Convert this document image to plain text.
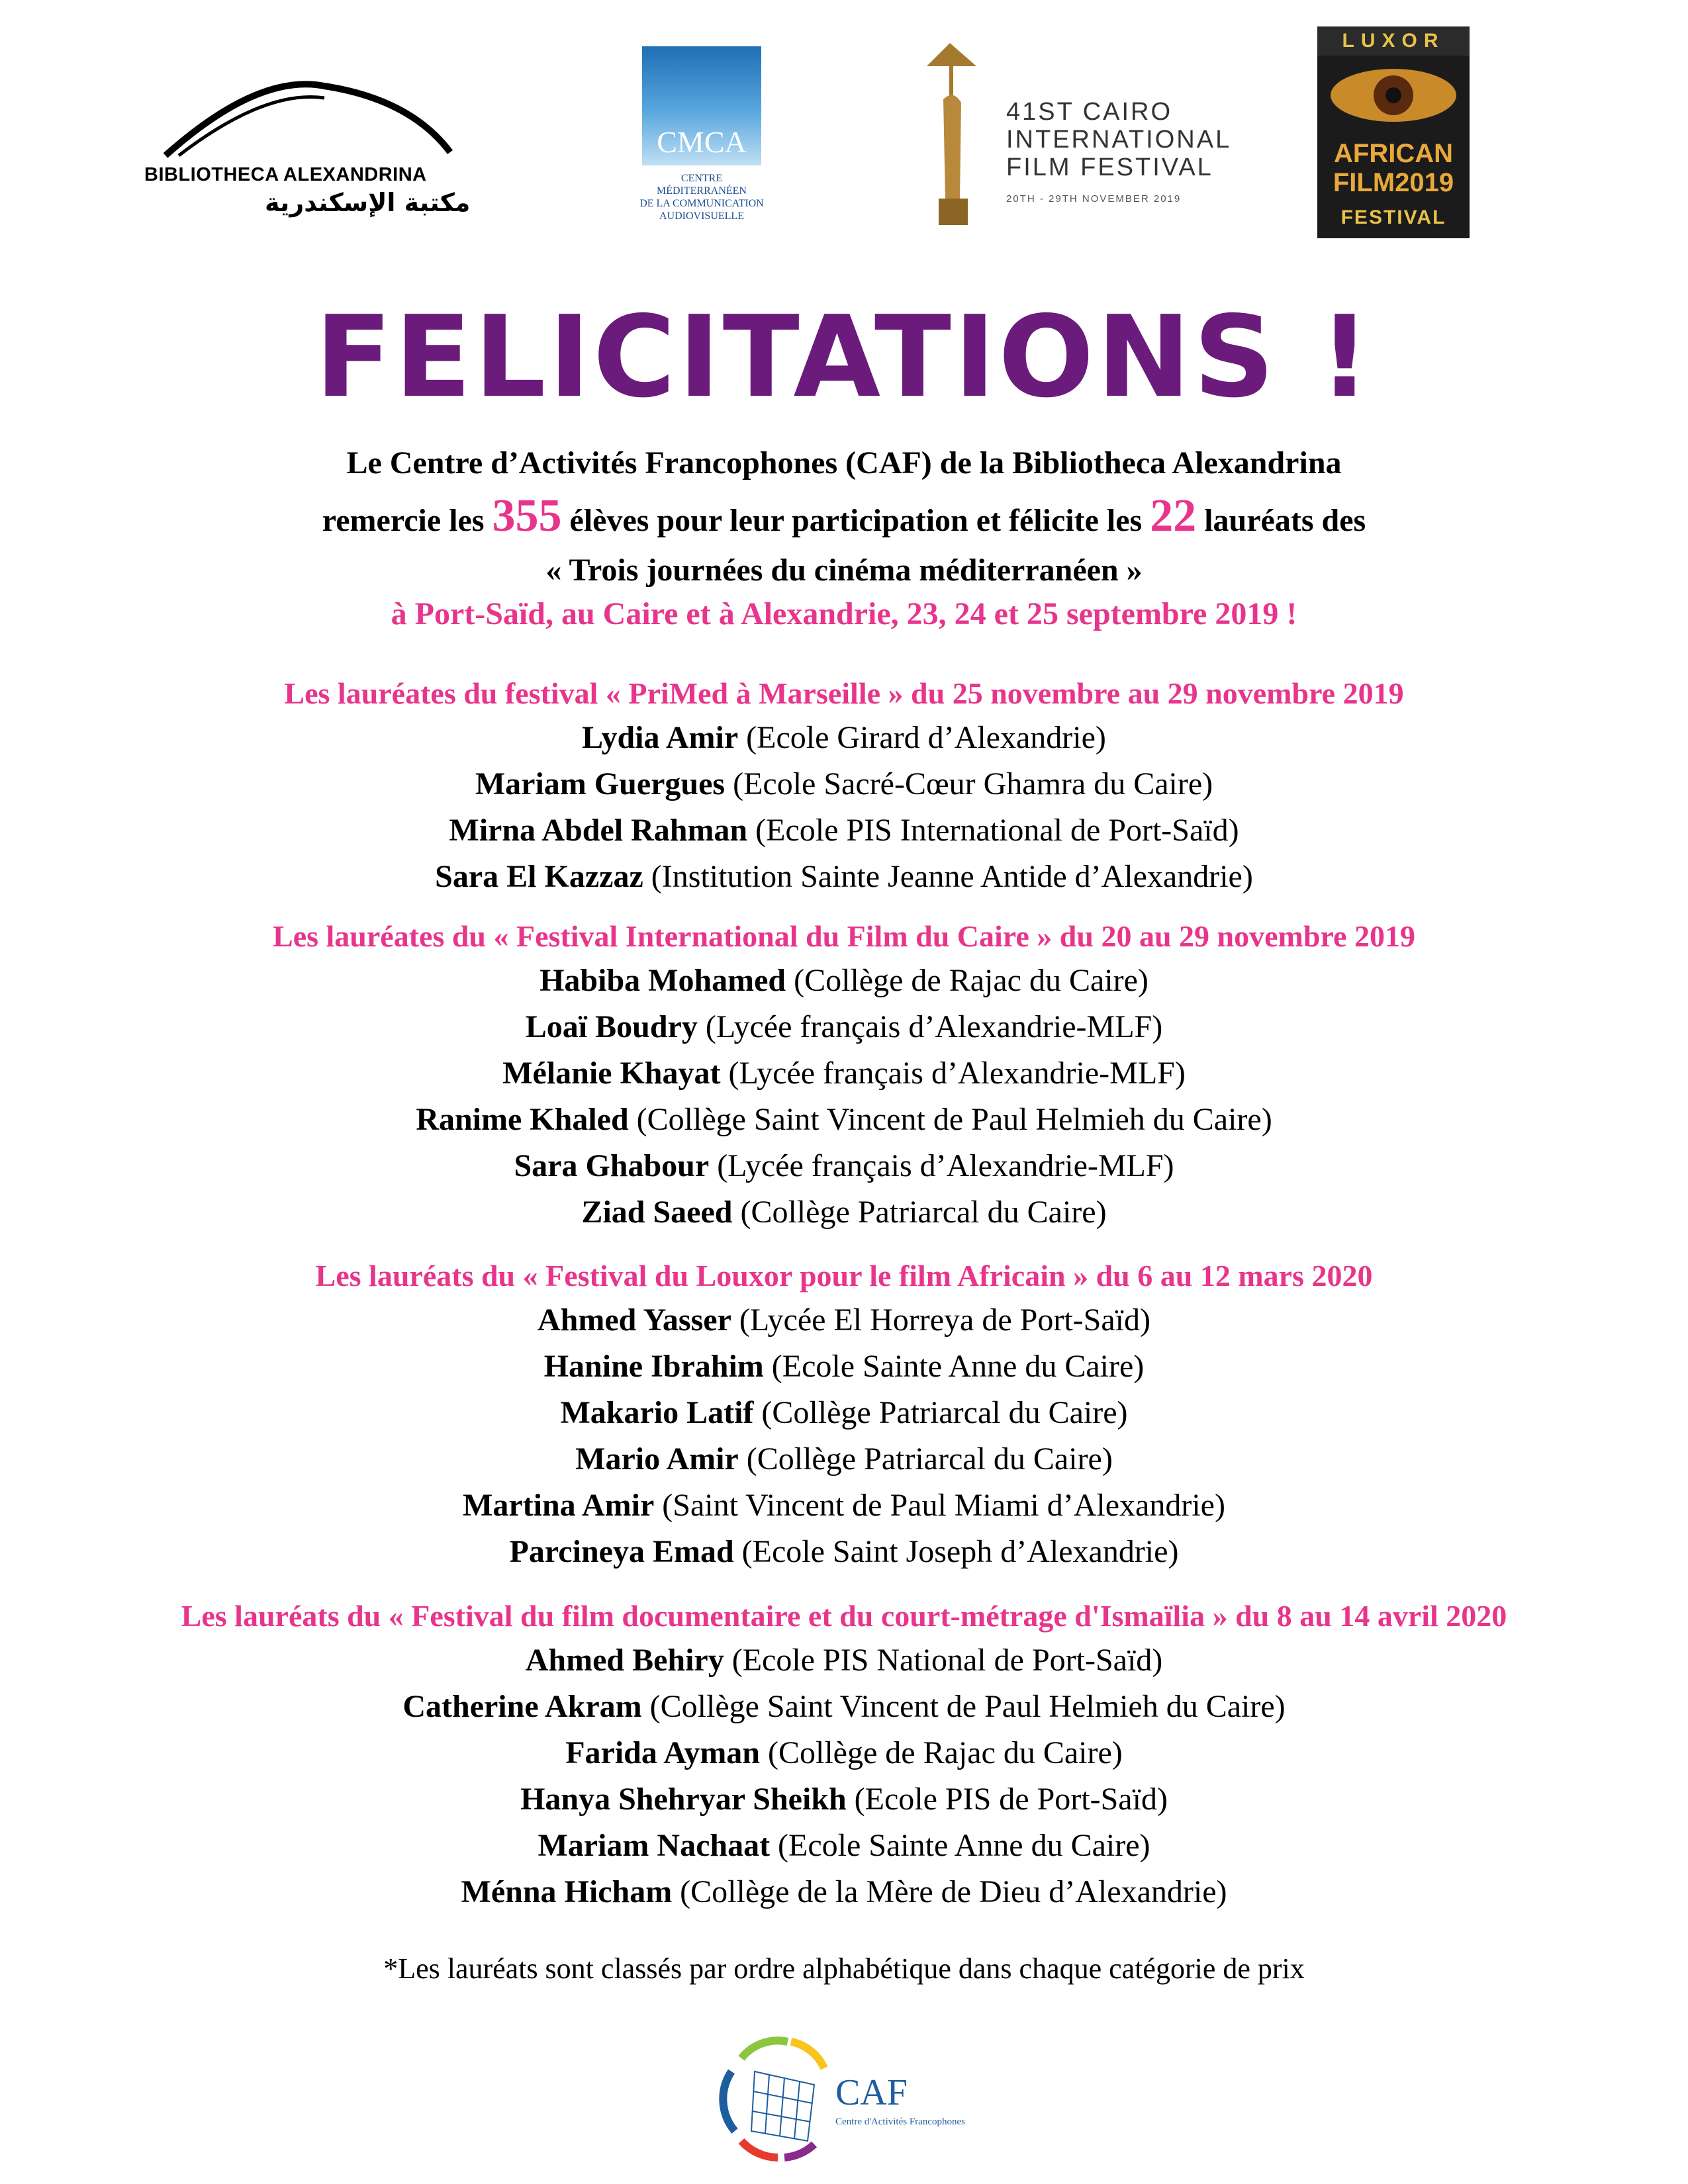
BIBLIOTHECA ALEXANDRINA
مكتبة الإسكندرية
CMCA
CENTRE
MÉDITERRANÉEN
DE LA COMMUNICATION
AUDIOVISUELLE
41ST CAIRO
INTERNATIONAL
FILM FESTIVAL
20TH - 29TH NOVEMBER 2019
LUXOR
AFRICAN
FILM2019
FESTIVAL
FELICITATIONS !
Le Centre d’Activités Francophones (CAF) de la Bibliotheca Alexandrina
remercie les 355 élèves pour leur participation et félicite les 22 lauréats des
« Trois journées du cinéma méditerranéen »
à Port-Saïd, au Caire et à Alexandrie, 23, 24 et 25 septembre 2019 !
Les lauréates du festival « PriMed à Marseille » du 25 novembre au 29 novembre 2019
Lydia Amir (Ecole Girard d’Alexandrie)
Mariam Guergues (Ecole Sacré-Cœur Ghamra du Caire)
Mirna Abdel Rahman (Ecole PIS International de Port-Saïd)
Sara El Kazzaz (Institution Sainte Jeanne Antide d’Alexandrie)
Les lauréates du « Festival International du Film du Caire » du 20 au 29 novembre 2019
Habiba Mohamed (Collège de Rajac du Caire)
Loaï Boudry (Lycée français d’Alexandrie-MLF)
Mélanie Khayat (Lycée français d’Alexandrie-MLF)
Ranime Khaled (Collège Saint Vincent de Paul Helmieh du Caire)
Sara Ghabour (Lycée français d’Alexandrie-MLF)
Ziad Saeed (Collège Patriarcal du Caire)
Les lauréats du « Festival du Louxor pour le film Africain » du 6 au 12 mars 2020
Ahmed Yasser (Lycée El Horreya de Port-Saïd)
Hanine Ibrahim (Ecole Sainte Anne du Caire)
Makario Latif (Collège Patriarcal du Caire)
Mario Amir (Collège Patriarcal du Caire)
Martina Amir (Saint Vincent de Paul Miami d’Alexandrie)
Parcineya Emad (Ecole Saint Joseph d’Alexandrie)
Les lauréats du « Festival du film documentaire et du court-métrage d'Ismaïlia » du 8 au 14 avril 2020
Ahmed Behiry (Ecole PIS National de Port-Saïd)
Catherine Akram (Collège Saint Vincent de Paul Helmieh du Caire)
Farida Ayman (Collège de Rajac du Caire)
Hanya Shehryar Sheikh (Ecole PIS de Port-Saïd)
Mariam Nachaat (Ecole Sainte Anne du Caire)
Ménna Hicham (Collège de la Mère de Dieu d’Alexandrie)
*Les lauréats sont classés par ordre alphabétique dans chaque catégorie de prix
CAF
Centre d'Activités Francophones
